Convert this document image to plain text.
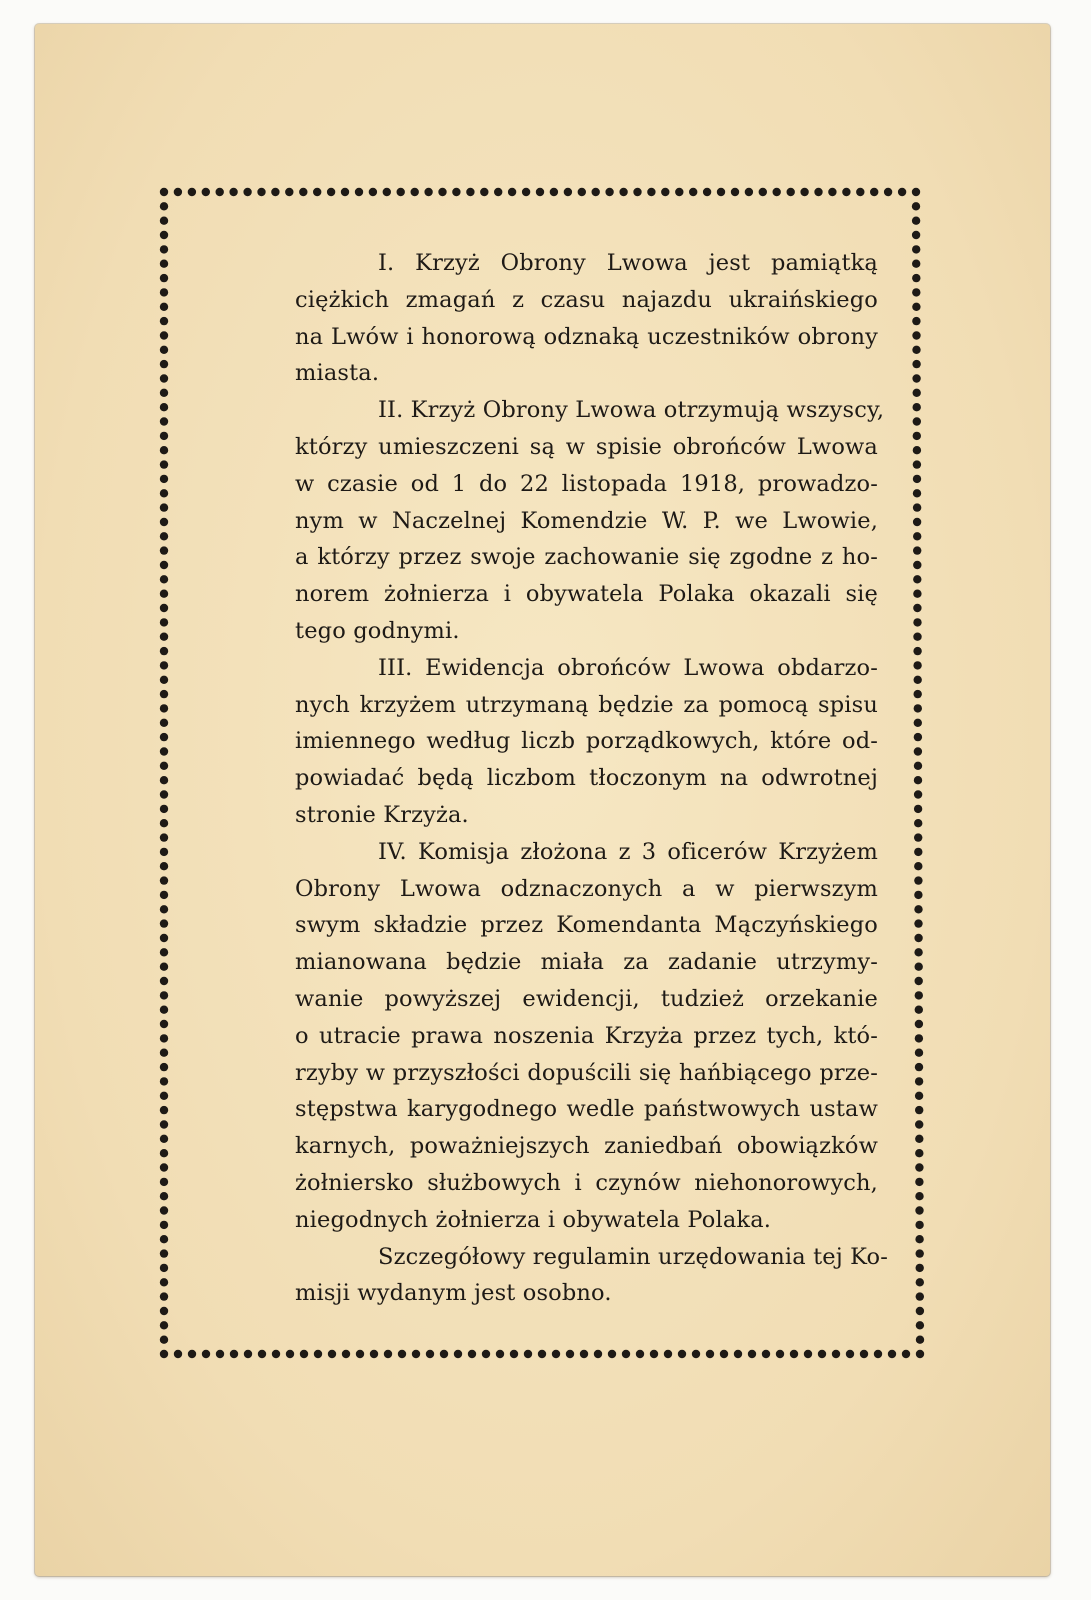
I. Krzyż Obrony Lwowa jest pamiątką
ciężkich zmagań z czasu najazdu ukraińskiego
na Lwów i honorową odznaką uczestników obrony
miasta.
II. Krzyż Obrony Lwowa otrzymują wszyscy,
którzy umieszczeni są w spisie obrońców Lwowa
w czasie od 1 do 22 listopada 1918, prowadzo-
nym w Naczelnej Komendzie W. P. we Lwowie,
a którzy przez swoje zachowanie się zgodne z ho-
norem żołnierza i obywatela Polaka okazali się
tego godnymi.
III. Ewidencja obrońców Lwowa obdarzo-
nych krzyżem utrzymaną będzie za pomocą spisu
imiennego według liczb porządkowych, które od-
powiadać będą liczbom tłoczonym na odwrotnej
stronie Krzyża.
IV. Komisja złożona z 3 oficerów Krzyżem
Obrony Lwowa odznaczonych a w pierwszym
swym składzie przez Komendanta Mączyńskiego
mianowana będzie miała za zadanie utrzymy-
wanie powyższej ewidencji, tudzież orzekanie
o utracie prawa noszenia Krzyża przez tych, któ-
rzyby w przyszłości dopuścili się hańbiącego prze-
stępstwa karygodnego wedle państwowych ustaw
karnych, poważniejszych zaniedbań obowiązków
żołniersko służbowych i czynów niehonorowych,
niegodnych żołnierza i obywatela Polaka.
Szczegółowy regulamin urzędowania tej Ko-
misji wydanym jest osobno.
